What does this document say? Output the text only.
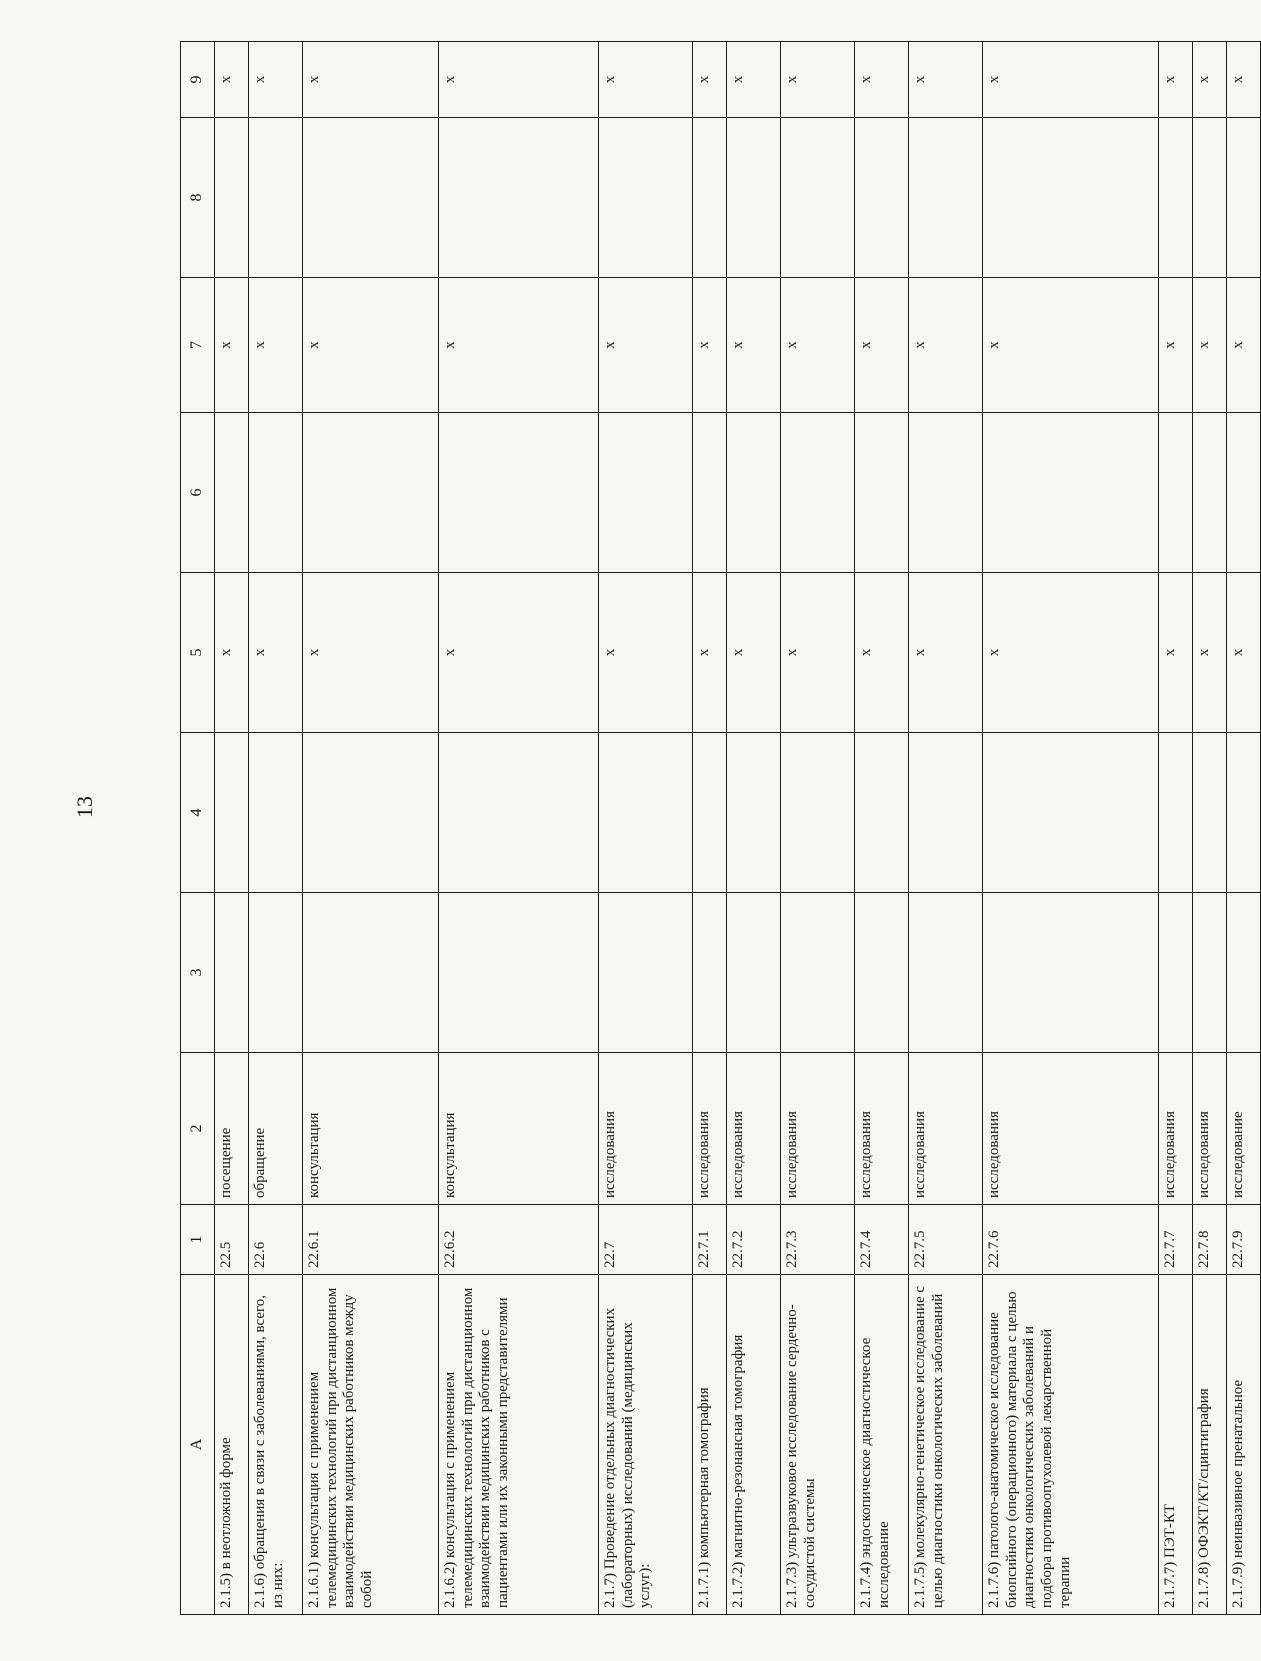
13
А	1	2	3	4	5	6	7	8	9
2.1.5) в неотложной форме	22.5	посещение			х		х		х
2.1.6) обращения в связи с заболеваниями, всего, из них:	22.6	обращение			х		х		х
2.1.6.1) консультация с применением телемедицинских технологий при дистанционном взаимодействии медицинских работников между собой	22.6.1	консультация			х		х		х
2.1.6.2) консультация с применением телемедицинских технологий при дистанционном взаимодействии медицинских работников с пациентами или их законными представителями	22.6.2	консультация			х		х		х
2.1.7) Проведение отдельных диагностических (лабораторных) исследований (медицинских услуг):	22.7	исследования			х		х		х
2.1.7.1) компьютерная томография	22.7.1	исследования			х		х		х
2.1.7.2) магнитно-резонансная томография	22.7.2	исследования			х		х		х
2.1.7.3) ультразвуковое исследование сердечно-сосудистой системы	22.7.3	исследования			х		х		х
2.1.7.4) эндоскопическое диагностическое исследование	22.7.4	исследования			х		х		х
2.1.7.5) молекулярно-генетическое исследование с целью диагностики онкологических заболеваний	22.7.5	исследования			х		х		х
2.1.7.6) патолого-анатомическое исследование биопсийного (операционного) материала с целью диагностики онкологических заболеваний и подбора противоопухолевой лекарственной терапии	22.7.6	исследования			х		х		х
2.1.7.7) ПЭТ-КТ	22.7.7	исследования			х		х		х
2.1.7.8) ОФЭКТ/КТ/сцинтиграфия	22.7.8	исследования			х		х		х
2.1.7.9) неинвазивное пренатальное	22.7.9	исследование			х		х		х
